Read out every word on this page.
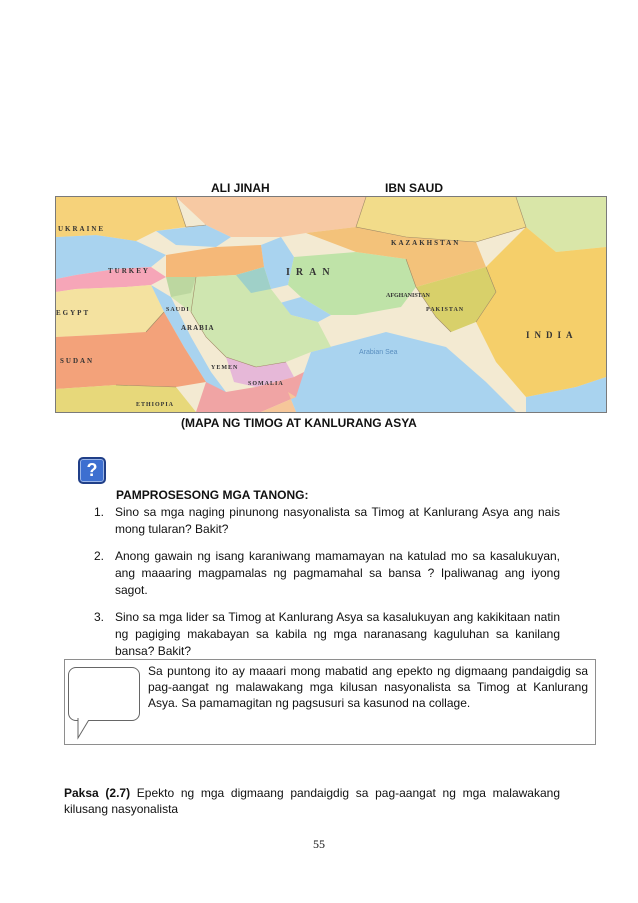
ALI JINAH	IBN SAUD
UKRAINE
TURKEY
KAZAKHSTAN
IRAN
AFGHANISTAN
PAKISTAN
INDIA
EGYPT	SAUDI
ARABIA
SUDAN
YEMEN
ETHIOPIA
SOMALIA
Arabian Sea
(MAPA NG TIMOG AT KANLURANG ASYA
?
PAMPROSESONG MGA TANONG:
1. Sino sa mga naging pinunong nasyonalista sa Timog at Kanlurang Asya ang nais mong tularan? Bakit?
2. Anong gawain ng isang karaniwang mamamayan na katulad mo sa kasalukuyan, ang maaaring magpamalas ng pagmamahal sa bansa ? Ipaliwanag ang iyong sagot.
3. Sino sa mga lider sa Timog at Kanlurang Asya sa kasalukuyan ang kakikitaan natin ng pagiging makabayan sa kabila ng mga naranasang kaguluhan sa kanilang bansa? Bakit?
Sa puntong ito ay maaari mong mabatid ang epekto ng digmaang pandaigdig sa pag-aangat ng malawakang mga kilusan nasyonalista sa Timog at Kanlurang Asya. Sa pamamagitan ng pagsusuri sa kasunod na collage.
Paksa (2.7) Epekto ng mga digmaang pandaigdig sa pag-aangat ng mga malawakang kilusang nasyonalista
55
